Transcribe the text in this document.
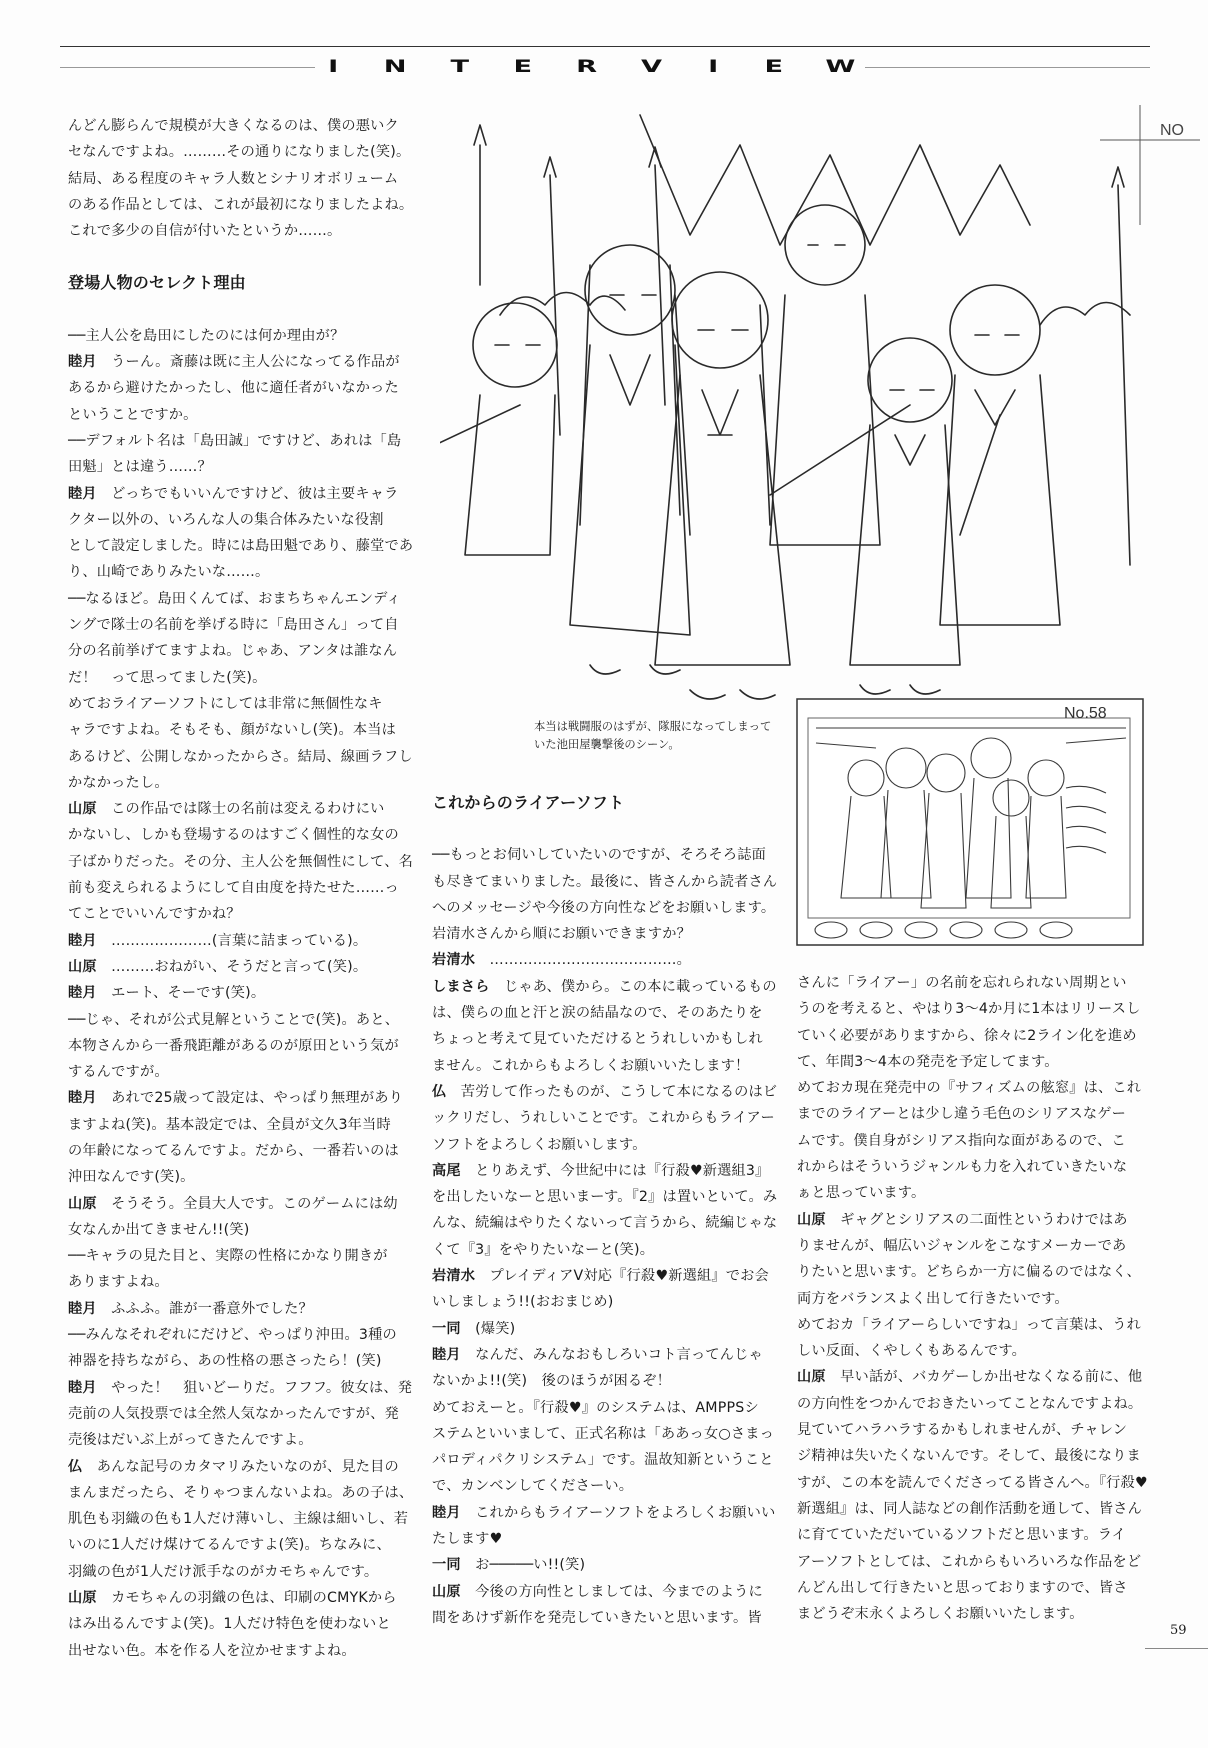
I	N	T	E	R	V	I	E	W

んどん膨らんで規模が大きくなるのは、僕の悪いク

セなんですよね。………その通りになりました(笑)。

結局、ある程度のキャラ人数とシナリオボリューム

のある作品としては、これが最初になりましたよね。

これで多少の自信が付いたというか……。

登場人物のセレクト理由

──主人公を島田にしたのには何か理由が？

睦月　うーん。斎藤は既に主人公になってる作品が

あるから避けたかったし、他に適任者がいなかった

ということですか。

──デフォルト名は「島田誠」ですけど、あれは「島

田魁」とは違う……？

睦月　どっちでもいいんですけど、彼は主要キャラ

クター以外の、いろんな人の集合体みたいな役割

として設定しました。時には島田魁であり、藤堂であ

り、山崎でありみたいな……。

──なるほど。島田くんてば、おまちちゃんエンディ

ングで隊士の名前を挙げる時に「島田さん」って自

分の名前挙げてますよね。じゃあ、アンタは誰なん

だ！　って思ってました(笑)。

めておライアーソフトにしては非常に無個性なキ

ャラですよね。そもそも、顔がないし(笑)。本当は

あるけど、公開しなかったからさ。結局、線画ラフし

かなかったし。

山原　この作品では隊士の名前は変えるわけにい

かないし、しかも登場するのはすごく個性的な女の

子ばかりだった。その分、主人公を無個性にして、名

前も変えられるようにして自由度を持たせた……っ

てことでいいんですかね？

睦月　…………………(言葉に詰まっている)。

山原　………おねがい、そうだと言って(笑)。

睦月　エート、そーです(笑)。

──じゃ、それが公式見解ということで(笑)。あと、

本物さんから一番飛距離があるのが原田という気が

するんですが。

睦月　あれで25歳って設定は、やっぱり無理があり

ますよね(笑)。基本設定では、全員が文久3年当時

の年齢になってるんですよ。だから、一番若いのは

沖田なんです(笑)。

山原　そうそう。全員大人です。このゲームには幼

女なんか出てきません!!(笑)

──キャラの見た目と、実際の性格にかなり開きが

ありますよね。

睦月　ふふふ。誰が一番意外でした？

──みんなそれぞれにだけど、やっぱり沖田。3種の

神器を持ちながら、あの性格の悪さったら！(笑)

睦月　やった！　狙いどーりだ。フフフ。彼女は、発

売前の人気投票では全然人気なかったんですが、発

売後はだいぶ上がってきたんですよ。

仏　あんな記号のカタマリみたいなのが、見た目の

まんまだったら、そりゃつまんないよね。あの子は、

肌色も羽織の色も1人だけ薄いし、主線は細いし、若

いのに1人だけ煤けてるんですよ(笑)。ちなみに、

羽織の色が1人だけ派手なのがカモちゃんです。

山原　カモちゃんの羽織の色は、印刷のCMYKから

はみ出るんですよ(笑)。1人だけ特色を使わないと

出せない色。本を作る人を泣かせますよね。

NO

本当は戦闘服のはずが、隊服になってしまって

いた池田屋襲撃後のシーン。

No.58

これからのライアーソフト

──もっとお伺いしていたいのですが、そろそろ誌面

も尽きてまいりました。最後に、皆さんから読者さん

へのメッセージや今後の方向性などをお願いします。

岩清水さんから順にお願いできますか？

岩清水　…………………………………。

しまさら　じゃあ、僕から。この本に載っているもの

は、僕らの血と汗と涙の結晶なので、そのあたりを

ちょっと考えて見ていただけるとうれしいかもしれ

ません。これからもよろしくお願いいたします！

仏　苦労して作ったものが、こうして本になるのはビ

ックリだし、うれしいことです。これからもライアー

ソフトをよろしくお願いします。

高尾　とりあえず、今世紀中には『行殺♥新選組3』

を出したいなーと思いまーす。『2』は置いといて。み

んな、続編はやりたくないって言うから、続編じゃな

くて『3』をやりたいなーと(笑)。

岩清水　プレイディアV対応『行殺♥新選組』でお会

いしましょう!!(おおまじめ)

一同　(爆笑)

睦月　なんだ、みんなおもしろいコト言ってんじゃ

ないかよ!!(笑)　後のほうが困るぞ！

めておえーと。『行殺♥』のシステムは、AMPPSシ

ステムといいまして、正式名称は「ああっ女○さまっ

パロディパクリシステム」です。温故知新ということ

で、カンベンしてくださーい。

睦月　これからもライアーソフトをよろしくお願いい

たします♥

一同　お─────い!!(笑)

山原　今後の方向性としましては、今までのように

間をあけず新作を発売していきたいと思います。皆

さんに「ライアー」の名前を忘れられない周期とい

うのを考えると、やはり3〜4か月に1本はリリースし

ていく必要がありますから、徐々に2ライン化を進め

て、年間3〜4本の発売を予定してます。

めておカ現在発売中の『サフィズムの舷窓』は、これ

までのライアーとは少し違う毛色のシリアスなゲー

ムです。僕自身がシリアス指向な面があるので、こ

れからはそういうジャンルも力を入れていきたいな

ぁと思っています。

山原　ギャグとシリアスの二面性というわけではあ

りませんが、幅広いジャンルをこなすメーカーであ

りたいと思います。どちらか一方に偏るのではなく、

両方をバランスよく出して行きたいです。

めておカ「ライアーらしいですね」って言葉は、うれ

しい反面、くやしくもあるんです。

山原　早い話が、バカゲーしか出せなくなる前に、他

の方向性をつかんでおきたいってことなんですよね。

見ていてハラハラするかもしれませんが、チャレン

ジ精神は失いたくないんです。そして、最後になりま

すが、この本を読んでくださってる皆さんへ。『行殺♥

新選組』は、同人誌などの創作活動を通して、皆さん

に育てていただいているソフトだと思います。ライ

アーソフトとしては、これからもいろいろな作品をど

んどん出して行きたいと思っておりますので、皆さ

まどうぞ末永くよろしくお願いいたします。

59
